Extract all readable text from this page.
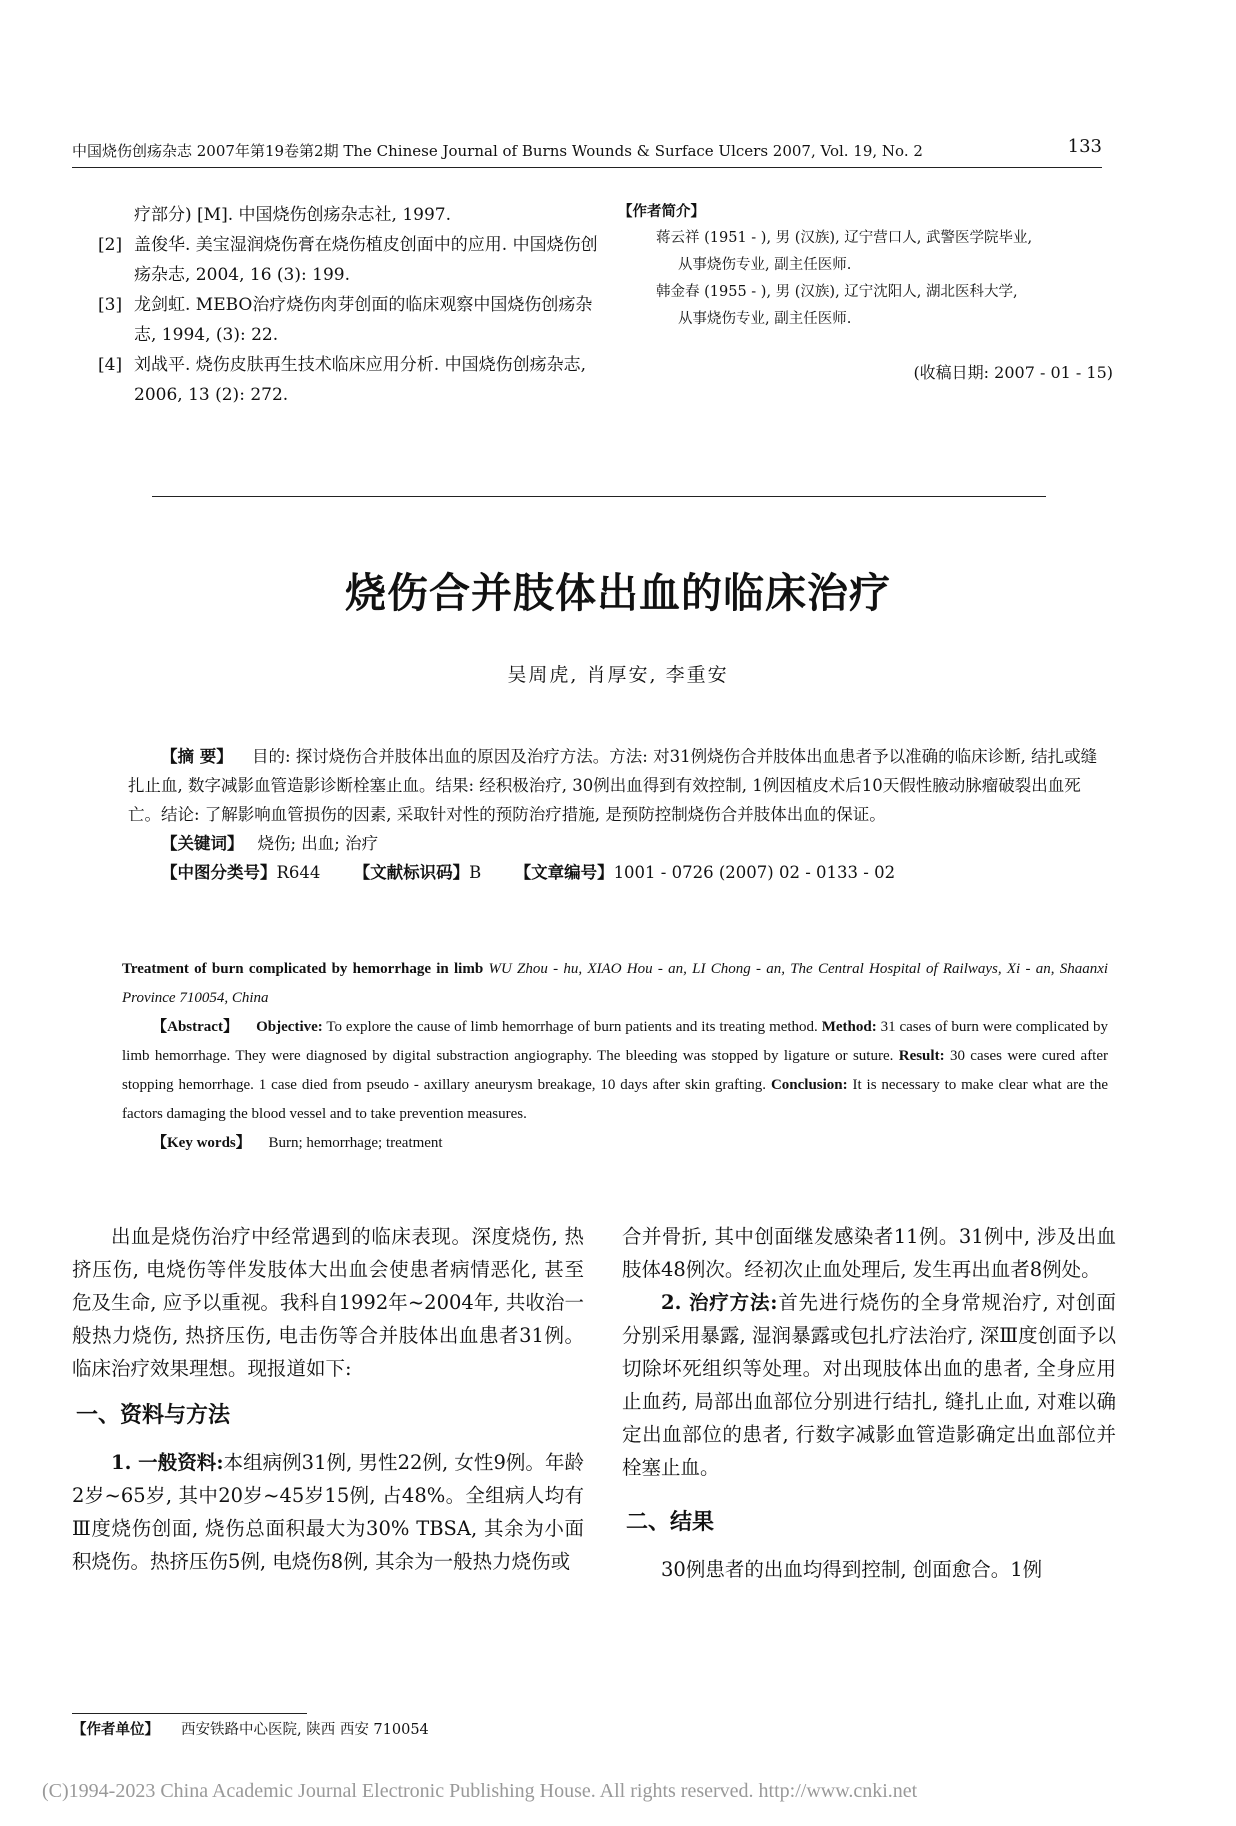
中国烧伤创疡杂志 2007年第19卷第2期 The Chinese Journal of Burns Wounds & Surface Ulcers 2007, Vol. 19, No. 2	133
疗部分) [M]. 中国烧伤创疡杂志社, 1997.
[2] 盖俊华. 美宝湿润烧伤膏在烧伤植皮创面中的应用. 中国烧伤创疡杂志, 2004, 16 (3): 199.
[3] 龙剑虹. MEBO治疗烧伤肉芽创面的临床观察中国烧伤创疡杂志, 1994, (3): 22.
[4] 刘战平. 烧伤皮肤再生技术临床应用分析. 中国烧伤创疡杂志, 2006, 13 (2): 272.
【作者简介】
蒋云祥 (1951 - ), 男 (汉族), 辽宁营口人, 武警医学院毕业,
从事烧伤专业, 副主任医师.
韩金春 (1955 - ), 男 (汉族), 辽宁沈阳人, 湖北医科大学,
从事烧伤专业, 副主任医师.
(收稿日期: 2007 - 01 - 15)
烧伤合并肢体出血的临床治疗
吴周虎, 肖厚安, 李重安
【摘 要】 目的: 探讨烧伤合并肢体出血的原因及治疗方法。方法: 对31例烧伤合并肢体出血患者予以准确的临床诊断, 结扎或缝扎止血, 数字减影血管造影诊断栓塞止血。结果: 经积极治疗, 30例出血得到有效控制, 1例因植皮术后10天假性腋动脉瘤破裂出血死亡。结论: 了解影响血管损伤的因素, 采取针对性的预防治疗措施, 是预防控制烧伤合并肢体出血的保证。
【关键词】 烧伤; 出血; 治疗
【中图分类号】R644 【文献标识码】B 【文章编号】1001 - 0726 (2007) 02 - 0133 - 02
Treatment of burn complicated by hemorrhage in limb WU Zhou - hu, XIAO Hou - an, LI Chong - an, The Central Hospital of Railways, Xi - an, Shaanxi Province 710054, China
【Abstract】 Objective: To explore the cause of limb hemorrhage of burn patients and its treating method. Method: 31 cases of burn were complicated by limb hemorrhage. They were diagnosed by digital substraction angiography. The bleeding was stopped by ligature or suture. Result: 30 cases were cured after stopping hemorrhage. 1 case died from pseudo - axillary aneurysm breakage, 10 days after skin grafting. Conclusion: It is necessary to make clear what are the factors damaging the blood vessel and to take prevention measures.
【Key words】 Burn; hemorrhage; treatment

出血是烧伤治疗中经常遇到的临床表现。深度烧伤, 热挤压伤, 电烧伤等伴发肢体大出血会使患者病情恶化, 甚至危及生命, 应予以重视。我科自1992年~2004年, 共收治一般热力烧伤, 热挤压伤, 电击伤等合并肢体出血患者31例。临床治疗效果理想。现报道如下:

一、资料与方法

1. 一般资料:本组病例31例, 男性22例, 女性9例。年龄2岁~65岁, 其中20岁~45岁15例, 占48%。全组病人均有Ⅲ度烧伤创面, 烧伤总面积最大为30% TBSA, 其余为小面积烧伤。热挤压伤5例, 电烧伤8例, 其余为一般热力烧伤或

合并骨折, 其中创面继发感染者11例。31例中, 涉及出血肢体48例次。经初次止血处理后, 发生再出血者8例处。

2. 治疗方法:首先进行烧伤的全身常规治疗, 对创面分别采用暴露, 湿润暴露或包扎疗法治疗, 深Ⅲ度创面予以切除坏死组织等处理。对出现肢体出血的患者, 全身应用止血药, 局部出血部位分别进行结扎, 缝扎止血, 对难以确定出血部位的患者, 行数字减影血管造影确定出血部位并栓塞止血。

二、结果

30例患者的出血均得到控制, 创面愈合。1例

【作者单位】 西安铁路中心医院, 陕西 西安 710054
(C)1994-2023 China Academic Journal Electronic Publishing House. All rights reserved. http://www.cnki.net
